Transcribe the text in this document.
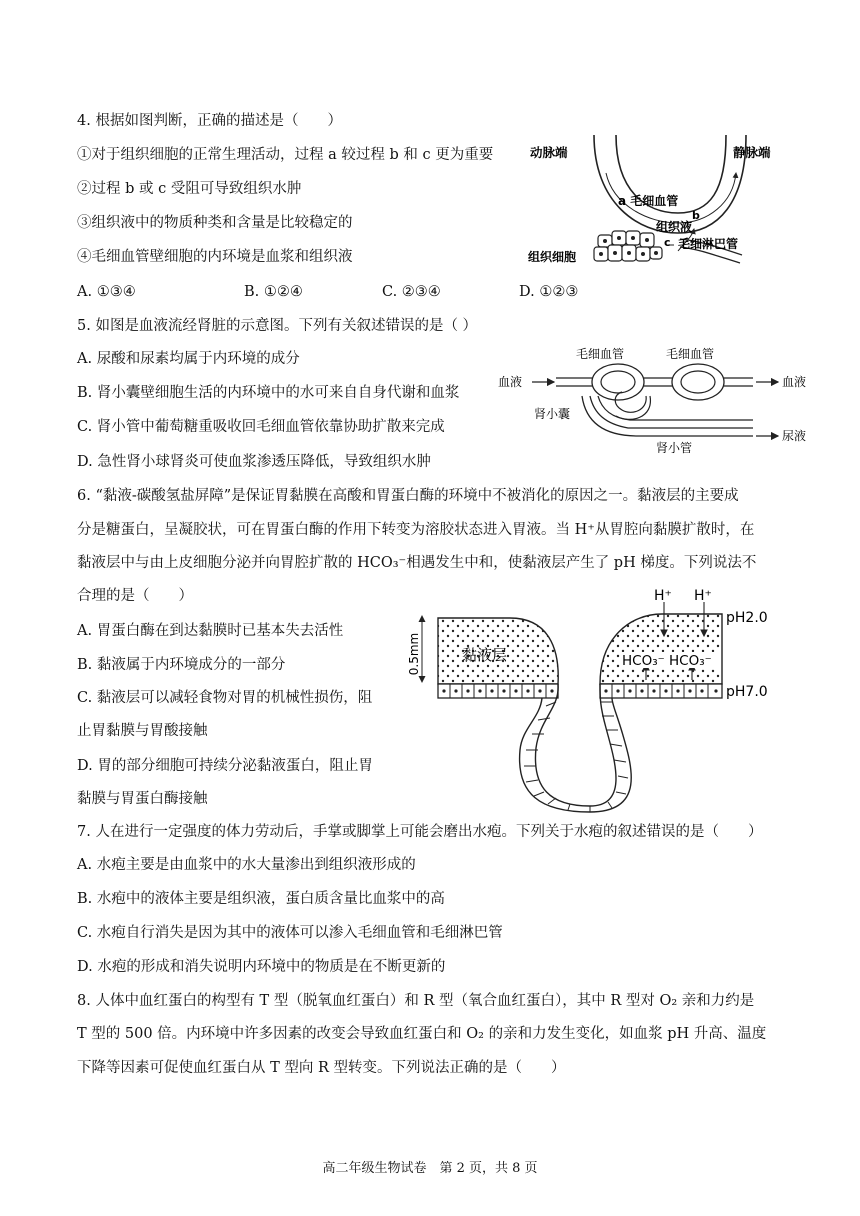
4. 根据如图判断，正确的描述是（　　）
①对于组织细胞的正常生理活动，过程 a 较过程 b 和 c 更为重要
②过程 b 或 c 受阻可导致组织水肿
③组织液中的物质种类和含量是比较稳定的
④毛细血管壁细胞的内环境是血浆和组织液
A. ①③④	B. ①②④	C. ②③④	D. ①②③
动脉端	静脉端
a 毛细血管
b
组织液
c 毛细淋巴管
组织细胞
5. 如图是血液流经肾脏的示意图。下列有关叙述错误的是（ ）
A. 尿酸和尿素均属于内环境的成分
B. 肾小囊壁细胞生活的内环境中的水可来自自身代谢和血浆
C. 肾小管中葡萄糖重吸收回毛细血管依靠协助扩散来完成
D. 急性肾小球肾炎可使血浆渗透压降低，导致组织水肿
毛细血管	毛细血管
血液	血液
肾小囊
肾小管
尿液
6. “黏液-碳酸氢盐屏障”是保证胃黏膜在高酸和胃蛋白酶的环境中不被消化的原因之一。黏液层的主要成
分是糖蛋白，呈凝胶状，可在胃蛋白酶的作用下转变为溶胶状态进入胃液。当 H⁺从胃腔向黏膜扩散时，在
黏液层中与由上皮细胞分泌并向胃腔扩散的 HCO₃⁻相遇发生中和，使黏液层产生了 pH 梯度。下列说法不
合理的是（　　）
A. 胃蛋白酶在到达黏膜时已基本失去活性
B. 黏液属于内环境成分的一部分
C. 黏液层可以减轻食物对胃的机械性损伤，阻
止胃黏膜与胃酸接触
D. 胃的部分细胞可持续分泌黏液蛋白，阻止胃
黏膜与胃蛋白酶接触
0.5mm	黏液层
H⁺ H⁺
pH2.0
pH7.0
HCO₃⁻ HCO₃⁻
7. 人在进行一定强度的体力劳动后，手掌或脚掌上可能会磨出水疱。下列关于水疱的叙述错误的是（　　）
A. 水疱主要是由血浆中的水大量渗出到组织液形成的
B. 水疱中的液体主要是组织液，蛋白质含量比血浆中的高
C. 水疱自行消失是因为其中的液体可以渗入毛细血管和毛细淋巴管
D. 水疱的形成和消失说明内环境中的物质是在不断更新的
8. 人体中血红蛋白的构型有 T 型（脱氧血红蛋白）和 R 型（氧合血红蛋白），其中 R 型对 O₂ 亲和力约是
T 型的 500 倍。内环境中许多因素的改变会导致血红蛋白和 O₂ 的亲和力发生变化，如血浆 pH 升高、温度
下降等因素可促使血红蛋白从 T 型向 R 型转变。下列说法正确的是（　　）
高二年级生物试卷　第 2 页，共 8 页
